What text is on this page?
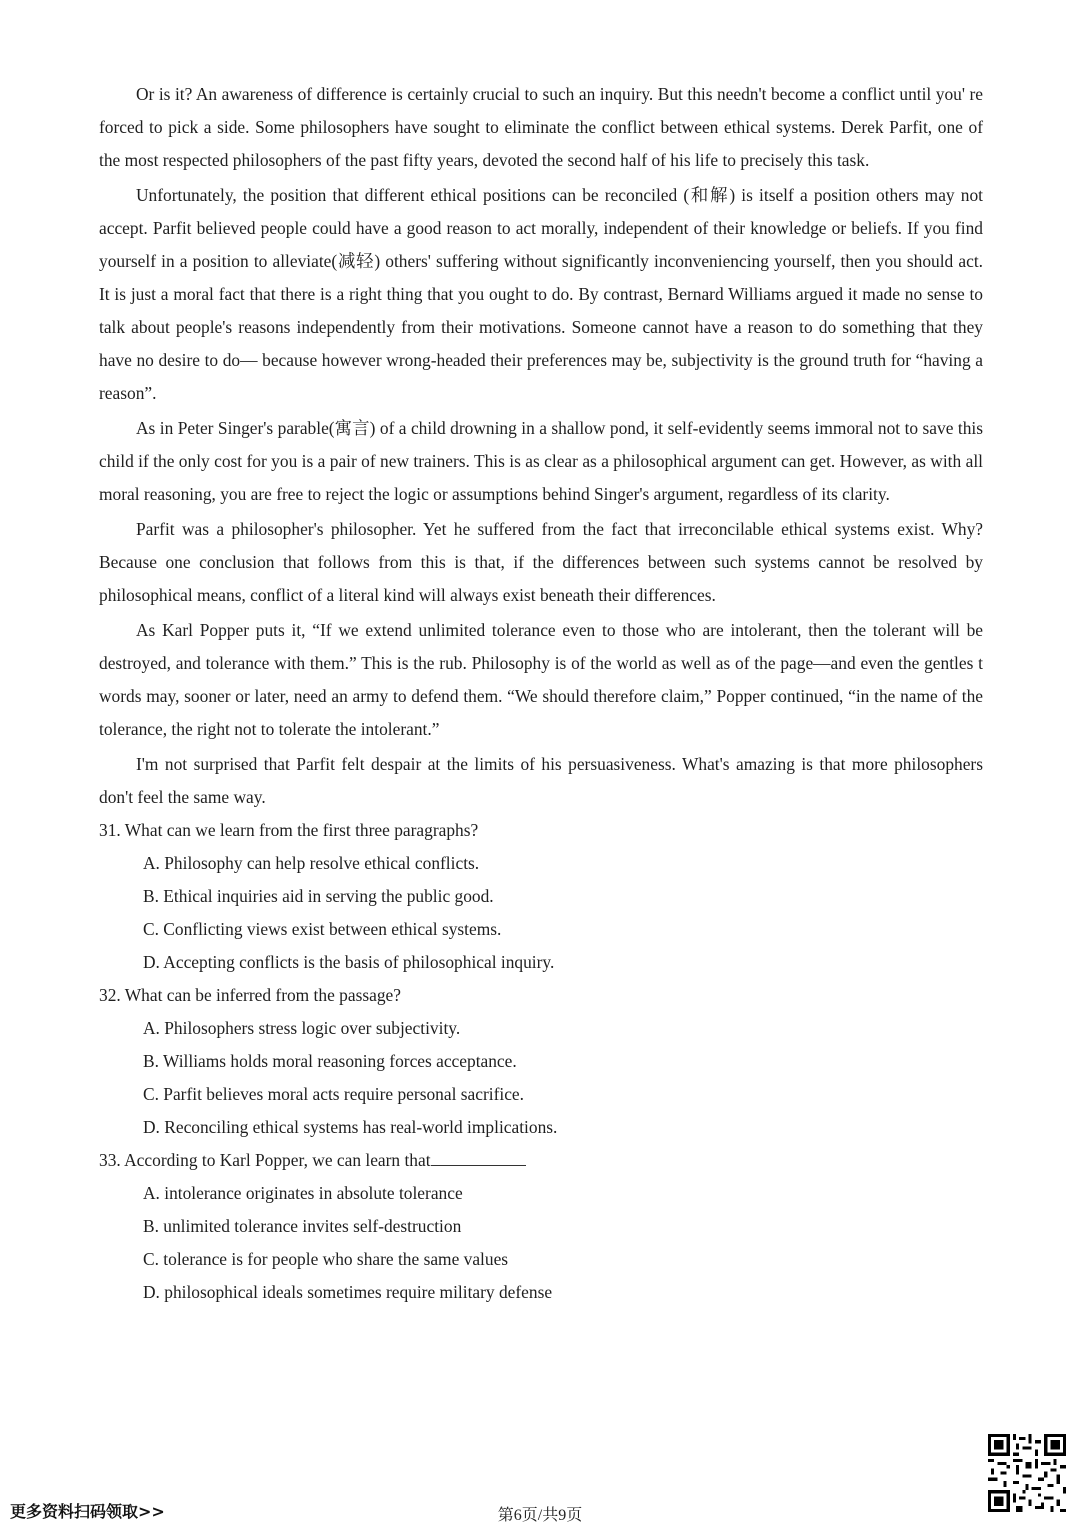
Or is it? An awareness of difference is certainly crucial to such an inquiry. But this needn't become a conflict until you' re forced to pick a side. Some philosophers have sought to eliminate the conflict between ethical systems. Derek Parfit, one of the most respected philosophers of the past fifty years, devoted the second half of his life to precisely this task.

Unfortunately, the position that different ethical positions can be reconciled (和解) is itself a position others may not accept. Parfit believed people could have a good reason to act morally, independent of their knowledge or beliefs. If you find yourself in a position to alleviate(减轻) others' suffering without significantly inconveniencing yourself, then you should act. It is just a moral fact that there is a right thing that you ought to do. By contrast, Bernard Williams argued it made no sense to talk about people's reasons independently from their motivations. Someone cannot have a reason to do something that they have no desire to do— because however wrong-headed their preferences may be, subjectivity is the ground truth for “having a reason”.

As in Peter Singer's parable(寓言) of a child drowning in a shallow pond, it self-evidently seems immoral not to save this child if the only cost for you is a pair of new trainers. This is as clear as a philosophical argument can get. However, as with all moral reasoning, you are free to reject the logic or assumptions behind Singer's argument, regardless of its clarity.

Parfit was a philosopher's philosopher. Yet he suffered from the fact that irreconcilable ethical systems exist. Why? Because one conclusion that follows from this is that, if the differences between such systems cannot be resolved by philosophical means, conflict of a literal kind will always exist beneath their differences.

As Karl Popper puts it, “If we extend unlimited tolerance even to those who are intolerant, then the tolerant will be destroyed, and tolerance with them.” This is the rub. Philosophy is of the world as well as of the page—and even the gentles t words may, sooner or later, need an army to defend them. “We should therefore claim,” Popper continued, “in the name of the tolerance, the right not to tolerate the intolerant.”

I'm not surprised that Parfit felt despair at the limits of his persuasiveness. What's amazing is that more philosophers don't feel the same way.

31. What can we learn from the first three paragraphs?

A. Philosophy can help resolve ethical conflicts.

B. Ethical inquiries aid in serving the public good.

C. Conflicting views exist between ethical systems.

D. Accepting conflicts is the basis of philosophical inquiry.

32. What can be inferred from the passage?

A. Philosophers stress logic over subjectivity.

B. Williams holds moral reasoning forces acceptance.

C. Parfit believes moral acts require personal sacrifice.

D. Reconciling ethical systems has real-world implications.

33. According to Karl Popper, we can learn that

A. intolerance originates in absolute tolerance

B. unlimited tolerance invites self-destruction

C. tolerance is for people who share the same values

D. philosophical ideals sometimes require military defense

更多资料扫码领取>>	第6页/共9页
